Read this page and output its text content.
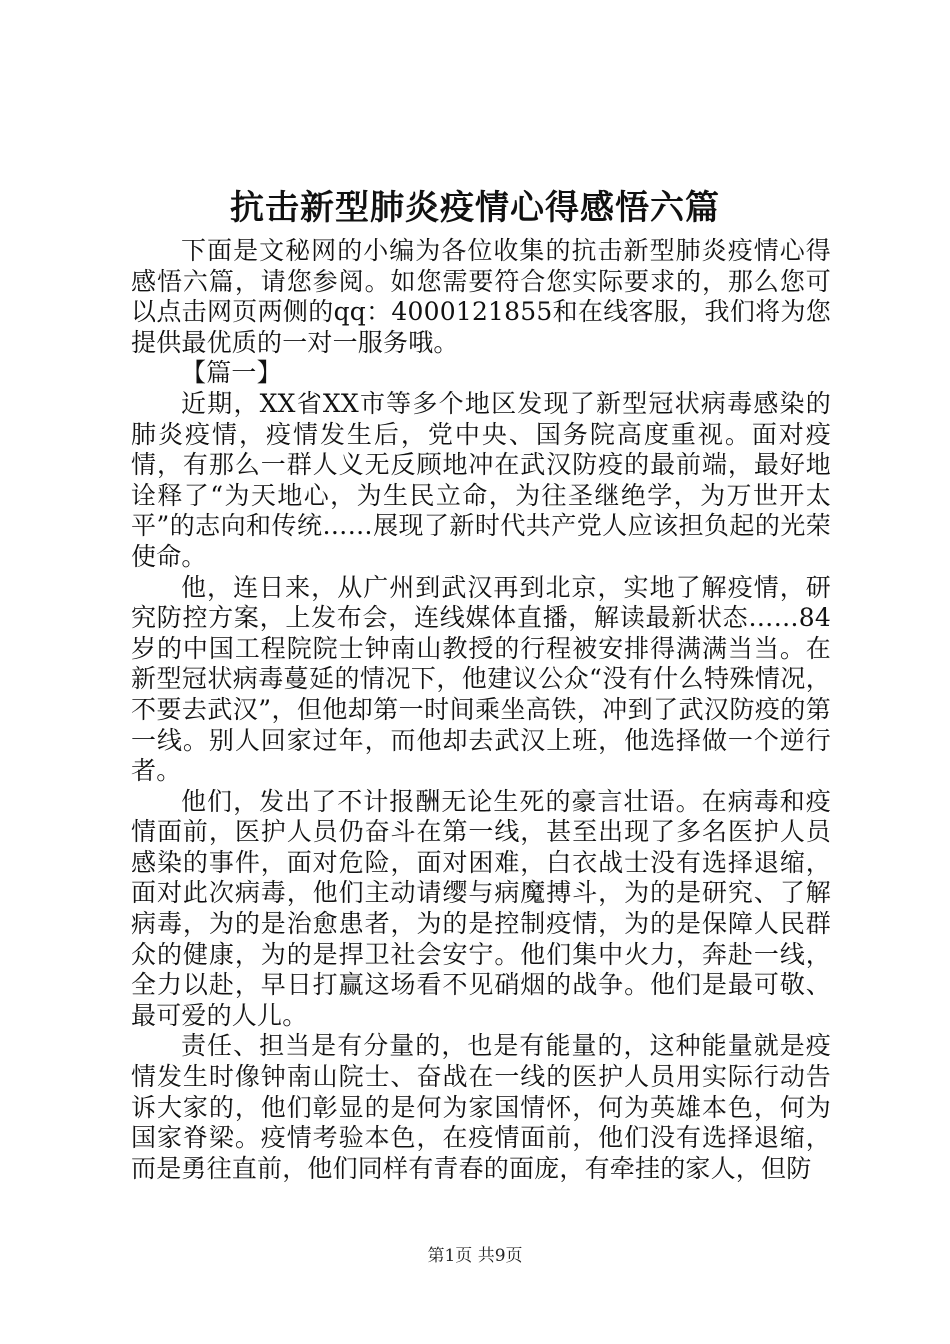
抗击新型肺炎疫情心得感悟六篇

下面是文秘网的小编为各位收集的抗击新型肺炎疫情心得感悟六篇，请您参阅。如您需要符合您实际要求的，那么您可以点击网页两侧的qq：4000121855和在线客服，我们将为您提供最优质的一对一服务哦。

【篇一】

近期，XX省XX市等多个地区发现了新型冠状病毒感染的肺炎疫情，疫情发生后，党中央、国务院高度重视。面对疫情，有那么一群人义无反顾地冲在武汉防疫的最前端，最好地诠释了“为天地心，为生民立命，为往圣继绝学，为万世开太平”的志向和传统……展现了新时代共产党人应该担负起的光荣使命。

他，连日来，从广州到武汉再到北京，实地了解疫情，研究防控方案，上发布会，连线媒体直播，解读最新状态……84岁的中国工程院院士钟南山教授的行程被安排得满满当当。在新型冠状病毒蔓延的情况下，他建议公众“没有什么特殊情况，不要去武汉”，但他却第一时间乘坐高铁，冲到了武汉防疫的第一线。别人回家过年，而他却去武汉上班，他选择做一个逆行者。

他们，发出了不计报酬无论生死的豪言壮语。在病毒和疫情面前，医护人员仍奋斗在第一线，甚至出现了多名医护人员感染的事件，面对危险，面对困难，白衣战士没有选择退缩，面对此次病毒，他们主动请缨与病魔搏斗，为的是研究、了解病毒，为的是治愈患者，为的是控制疫情，为的是保障人民群众的健康，为的是捍卫社会安宁。他们集中火力，奔赴一线，全力以赴，早日打赢这场看不见硝烟的战争。他们是最可敬、最可爱的人儿。

责任、担当是有分量的，也是有能量的，这种能量就是疫情发生时像钟南山院士、奋战在一线的医护人员用实际行动告诉大家的，他们彰显的是何为家国情怀，何为英雄本色，何为国家脊梁。疫情考验本色，在疫情面前，他们没有选择退缩，而是勇往直前，他们同样有青春的面庞，有牵挂的家人，但防

第1页 共9页
